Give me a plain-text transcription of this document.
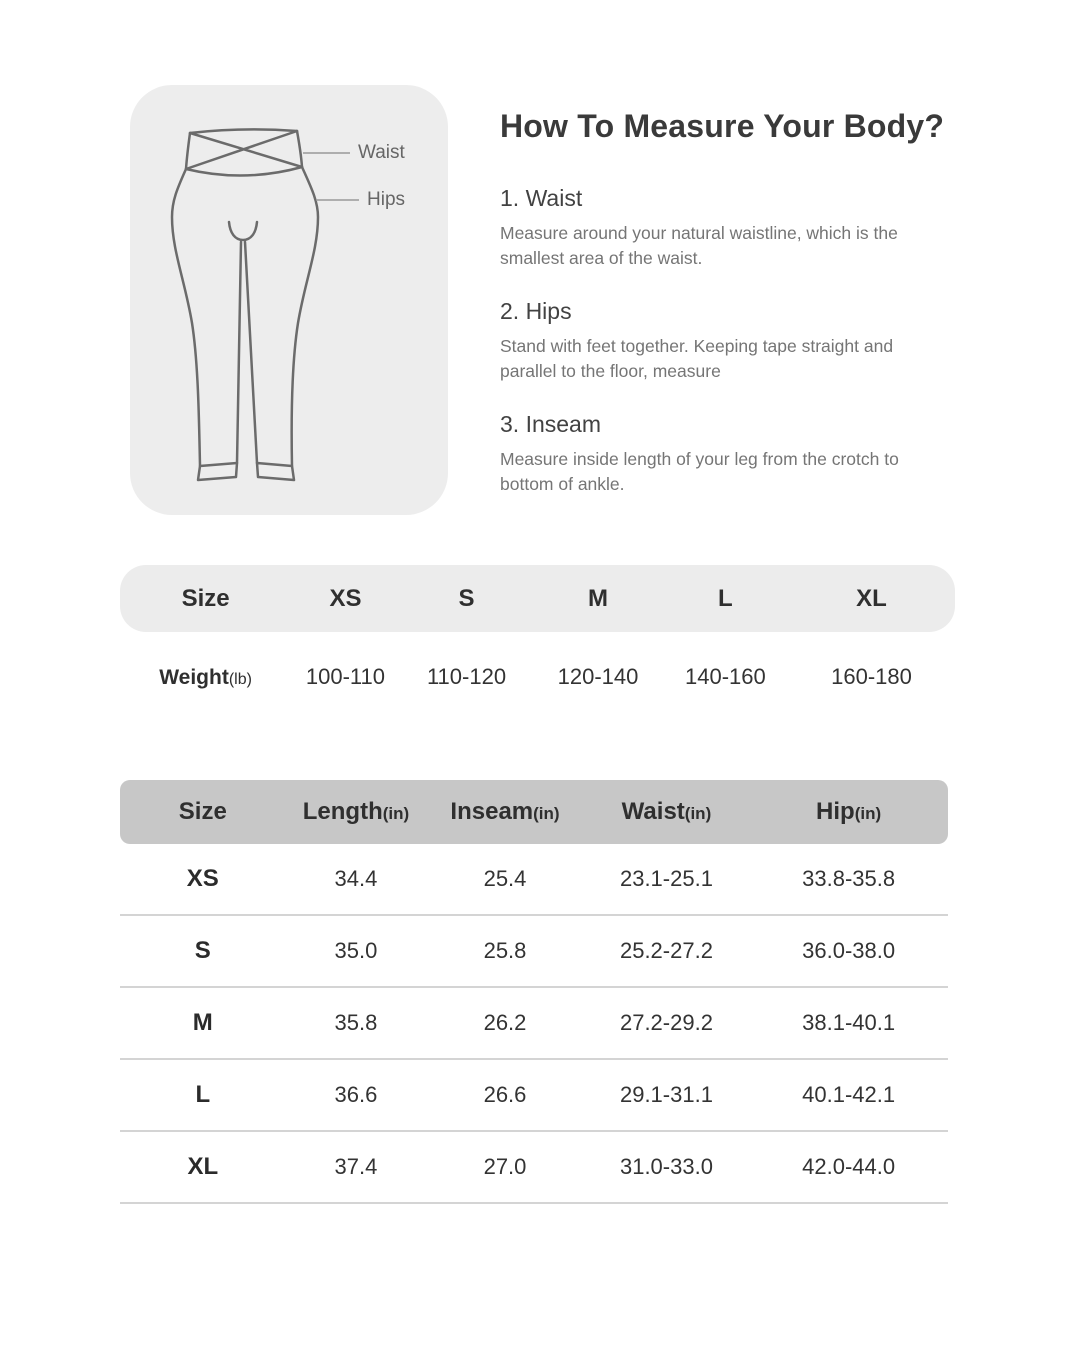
Waist
Hips
How To Measure Your Body?
1. Waist
Measure around your natural waistline, which is the smallest area of the waist.
2. Hips
Stand with feet together. Keeping tape straight and parallel to the floor, measure
3. Inseam
Measure inside length of your leg from the crotch to bottom of ankle.
Size	XS	S	M	L	XL
Weight(lb)	100-110	110-120	120-140	140-160	160-180
Size	Length(in)	Inseam(in)	Waist(in)	Hip(in)
XS	34.4	25.4	23.1-25.1	33.8-35.8
S	35.0	25.8	25.2-27.2	36.0-38.0
M	35.8	26.2	27.2-29.2	38.1-40.1
L	36.6	26.6	29.1-31.1	40.1-42.1
XL	37.4	27.0	31.0-33.0	42.0-44.0
